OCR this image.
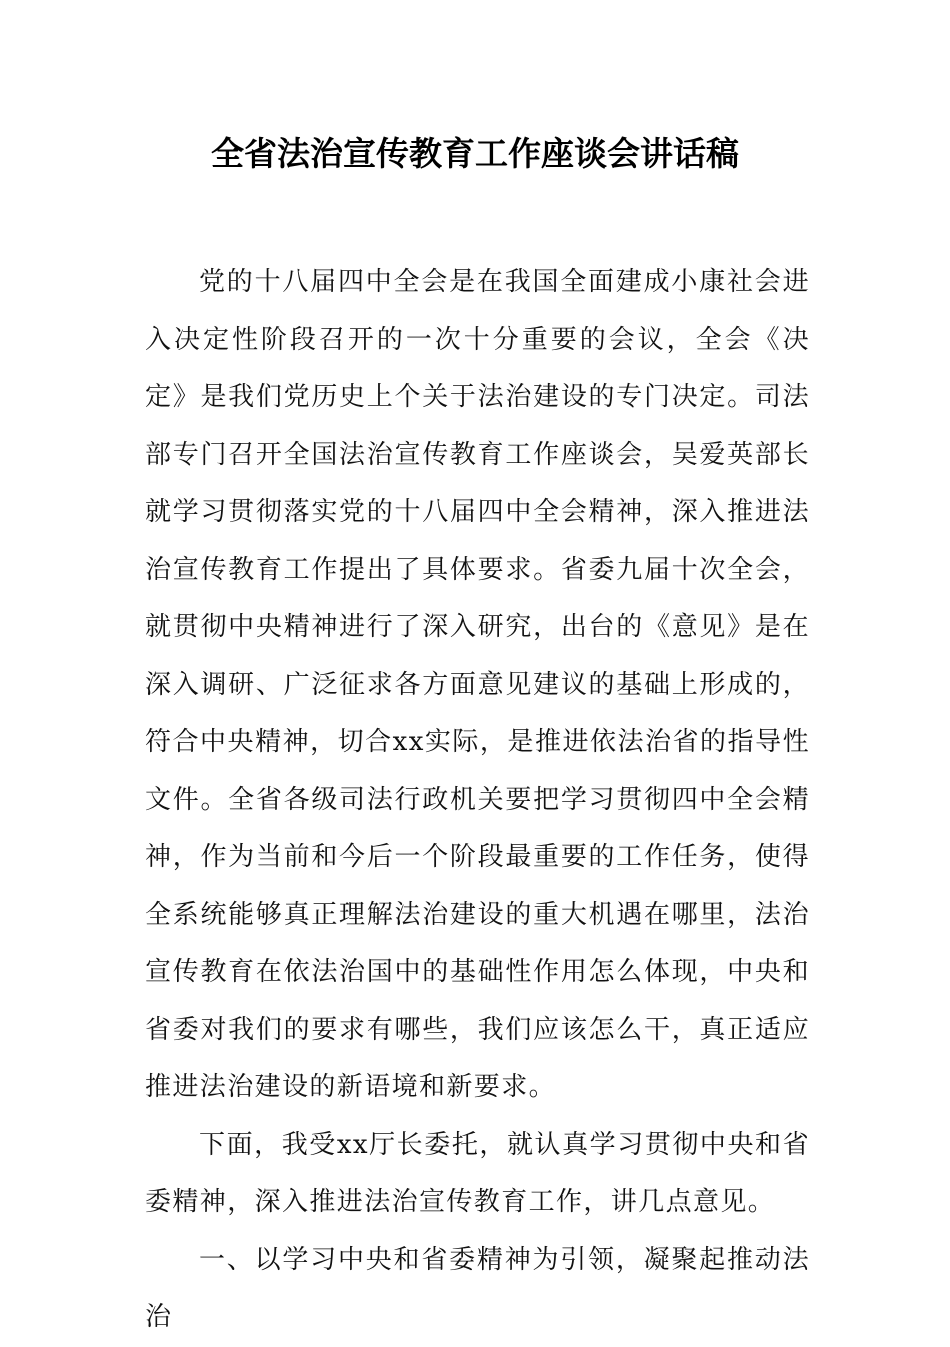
全省法治宣传教育工作座谈会讲话稿

党的十八届四中全会是在我国全面建成小康社会进入决定性阶段召开的一次十分重要的会议，全会《决定》是我们党历史上个关于法治建设的专门决定。司法部专门召开全国法治宣传教育工作座谈会，吴爱英部长就学习贯彻落实党的十八届四中全会精神，深入推进法治宣传教育工作提出了具体要求。省委九届十次全会，就贯彻中央精神进行了深入研究，出台的《意见》是在深入调研、广泛征求各方面意见建议的基础上形成的，符合中央精神，切合xx实际，是推进依法治省的指导性文件。全省各级司法行政机关要把学习贯彻四中全会精神，作为当前和今后一个阶段最重要的工作任务，使得全系统能够真正理解法治建设的重大机遇在哪里，法治宣传教育在依法治国中的基础性作用怎么体现，中央和省委对我们的要求有哪些，我们应该怎么干，真正适应推进法治建设的新语境和新要求。

下面，我受xx厅长委托，就认真学习贯彻中央和省委精神，深入推进法治宣传教育工作，讲几点意见。

一、以学习中央和省委精神为引领，凝聚起推动法治
